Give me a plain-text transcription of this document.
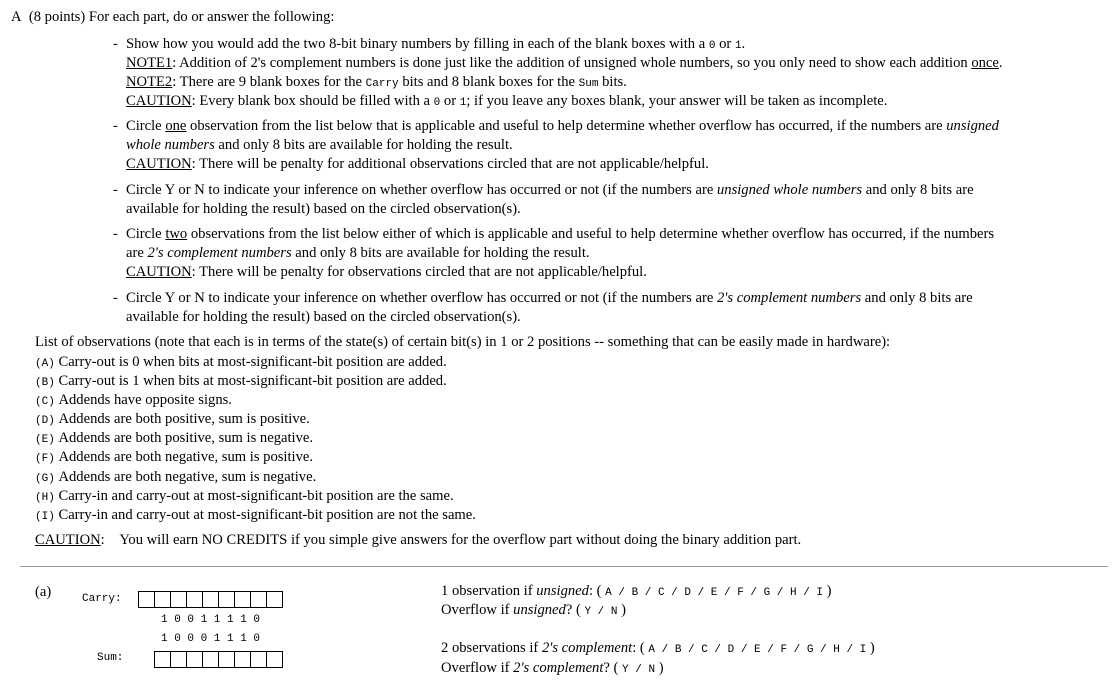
A (8 points) For each part, do or answer the following:
- Show how you would add the two 8-bit binary numbers by filling in each of the blank boxes with a 0 or 1.
NOTE1: Addition of 2's complement numbers is done just like the addition of unsigned whole numbers, so you only need to show each addition once.
NOTE2: There are 9 blank boxes for the Carry bits and 8 blank boxes for the Sum bits.
CAUTION: Every blank box should be filled with a 0 or 1; if you leave any boxes blank, your answer will be taken as incomplete.
- Circle one observation from the list below that is applicable and useful to help determine whether overflow has occurred, if the numbers are unsigned
whole numbers and only 8 bits are available for holding the result.
CAUTION: There will be penalty for additional observations circled that are not applicable/helpful.
- Circle Y or N to indicate your inference on whether overflow has occurred or not (if the numbers are unsigned whole numbers and only 8 bits are
available for holding the result) based on the circled observation(s).
- Circle two observations from the list below either of which is applicable and useful to help determine whether overflow has occurred, if the numbers
are 2's complement numbers and only 8 bits are available for holding the result.
CAUTION: There will be penalty for observations circled that are not applicable/helpful.
- Circle Y or N to indicate your inference on whether overflow has occurred or not (if the numbers are 2's complement numbers and only 8 bits are
available for holding the result) based on the circled observation(s).
List of observations (note that each is in terms of the state(s) of certain bit(s) in 1 or 2 positions -- something that can be easily made in hardware):
(A) Carry-out is 0 when bits at most-significant-bit position are added.
(B) Carry-out is 1 when bits at most-significant-bit position are added.
(C) Addends have opposite signs.
(D) Addends are both positive, sum is positive.
(E) Addends are both positive, sum is negative.
(F) Addends are both negative, sum is positive.
(G) Addends are both negative, sum is negative.
(H) Carry-in and carry-out at most-significant-bit position are the same.
(I) Carry-in and carry-out at most-significant-bit position are not the same.
CAUTION:    You will earn NO CREDITS if you simple give answers for the overflow part without doing the binary addition part.
(a)	Carry:
1 0 0 1 1 1 1 0
1 0 0 0 1 1 1 0
Sum:
1 observation if unsigned: ( A / B / C / D / E / F / G / H / I )
Overflow if unsigned? ( Y / N )
2 observations if 2's complement: ( A / B / C / D / E / F / G / H / I )
Overflow if 2's complement? ( Y / N )
